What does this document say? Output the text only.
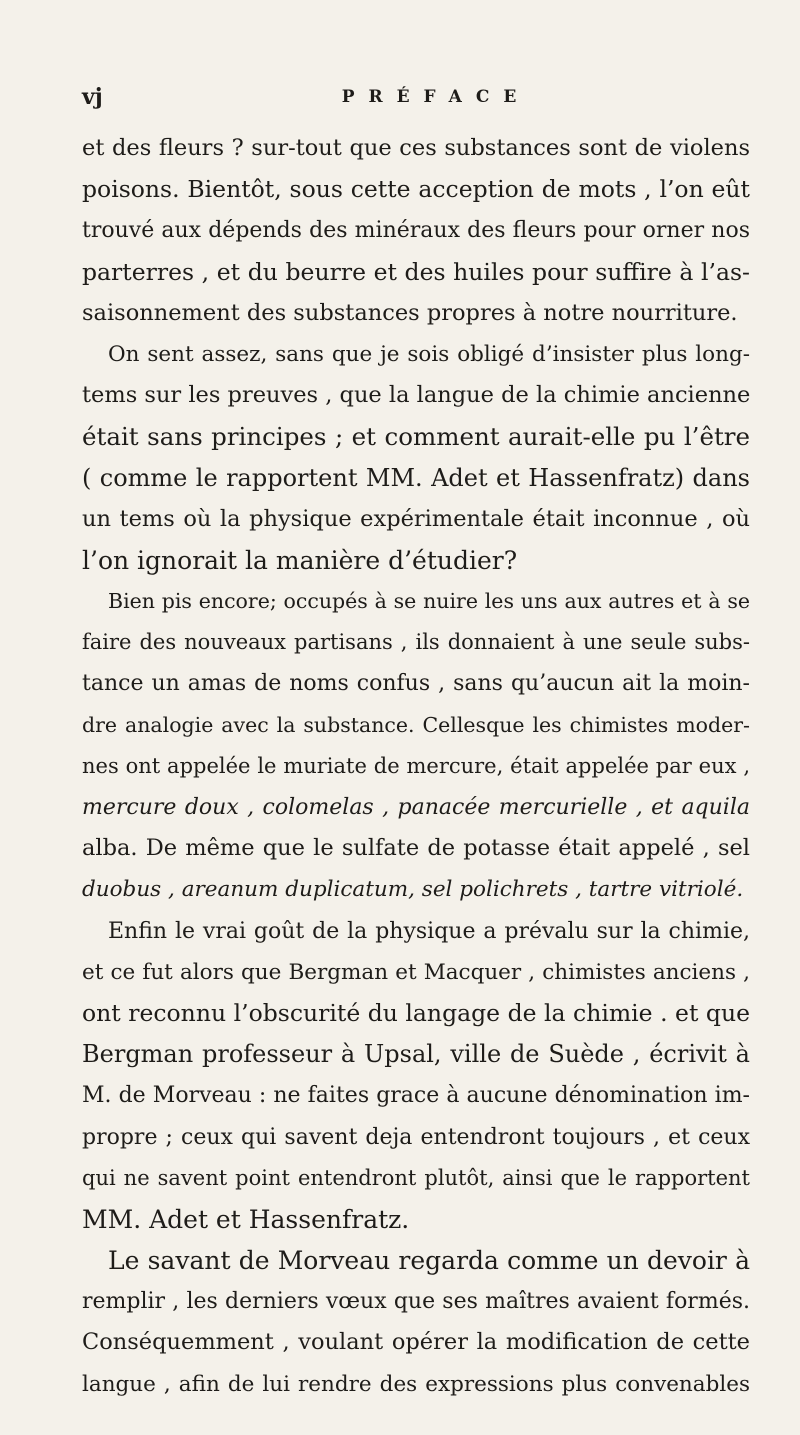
vj	PRÉFACE
et des fleurs ? sur-tout que ces substances sont de violens
poisons. Bientôt, sous cette acception de mots , l’on eût
trouvé aux dépends des minéraux des fleurs pour orner nos
parterres , et du beurre et des huiles pour suffire à l’as-
saisonnement des substances propres à notre nourriture.
On sent assez, sans que je sois obligé d’insister plus long-
tems sur les preuves , que la langue de la chimie ancienne
était sans principes ; et comment aurait-elle pu l’être
( comme le rapportent MM. Adet et Hassenfratz) dans
un tems où la physique expérimentale était inconnue , où
l’on ignorait la manière d’étudier?
Bien pis encore; occupés à se nuire les uns aux autres et à se
faire des nouveaux partisans , ils donnaient à une seule subs-
tance un amas de noms confus , sans qu’aucun ait la moin-
dre analogie avec la substance. Cellesque les chimistes moder-
nes ont appelée le muriate de mercure, était appelée par eux ,
mercure doux , colomelas , panacée mercurielle , et aquila
alba. De même que le sulfate de potasse était appelé , sel
duobus , areanum duplicatum, sel polichrets , tartre vitriolé.
Enfin le vrai goût de la physique a prévalu sur la chimie,
et ce fut alors que Bergman et Macquer , chimistes anciens ,
ont reconnu l’obscurité du langage de la chimie . et que
Bergman professeur à Upsal, ville de Suède , écrivit à
M. de Morveau : ne faites grace à aucune dénomination im-
propre ; ceux qui savent deja entendront toujours , et ceux
qui ne savent point entendront plutôt, ainsi que le rapportent
MM. Adet et Hassenfratz.
Le savant de Morveau regarda comme un devoir à
remplir , les derniers vœux que ses maîtres avaient formés.
Conséquemment , voulant opérer la modification de cette
langue , afin de lui rendre des expressions plus convenables
